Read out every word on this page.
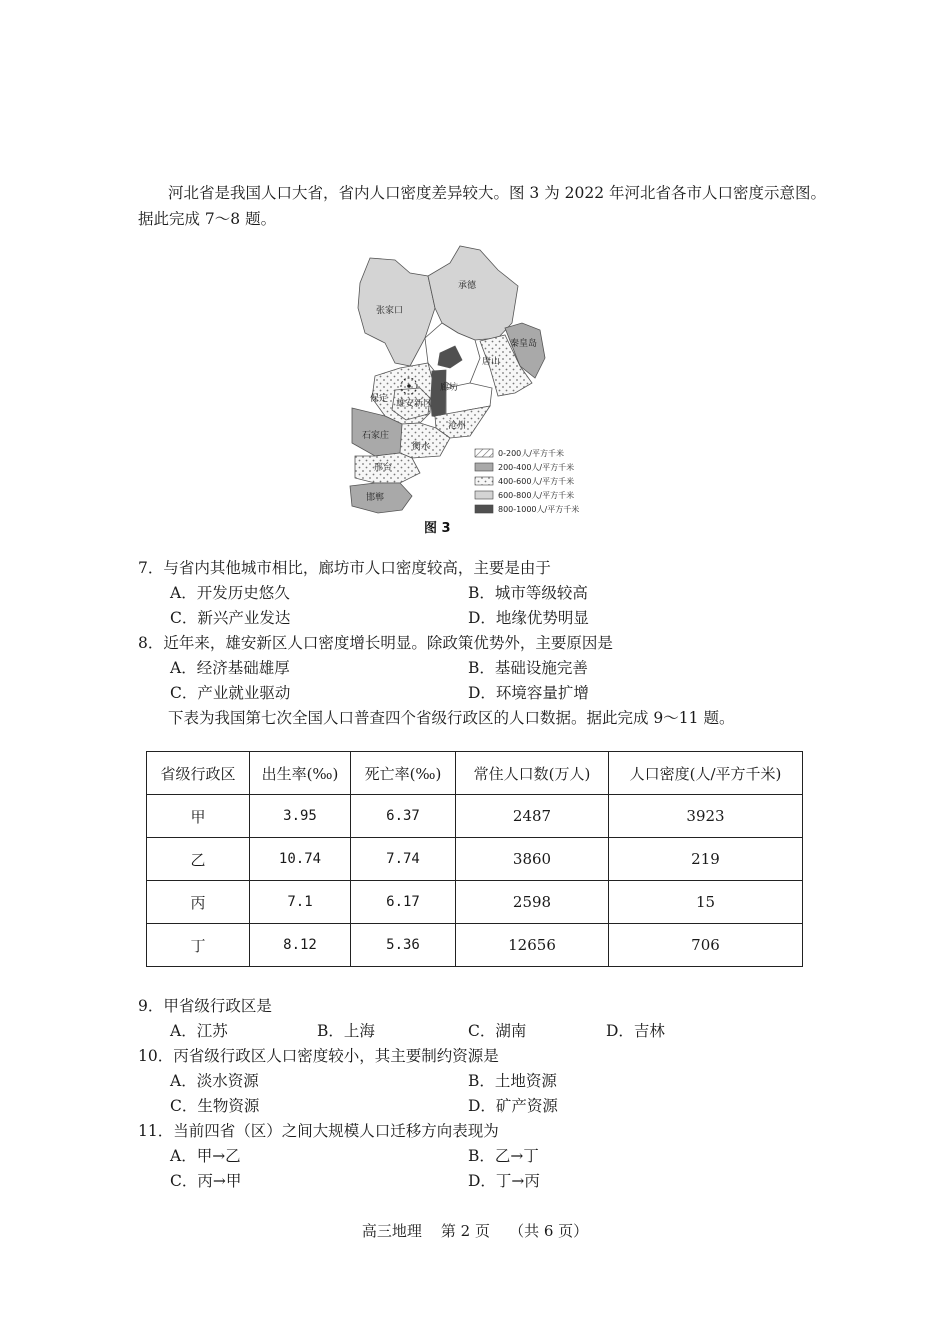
河北省是我国人口大省，省内人口密度差异较大。图 3 为 2022 年河北省各市人口密度示意图。据此完成 7～8 题。
张家口
承德
秦皇岛
唐山
廊坊
保定 雄安新区
沧州
石家庄
衡水
邢台
邯郸
0-200人/平方千米
200-400人/平方千米
400-600人/平方千米
600-800人/平方千米
800-1000人/平方千米
图 3
7．与省内其他城市相比，廊坊市人口密度较高，主要是由于
A．开发历史悠久	B．城市等级较高
C．新兴产业发达	D．地缘优势明显
8．近年来，雄安新区人口密度增长明显。除政策优势外，主要原因是
A．经济基础雄厚	B．基础设施完善
C．产业就业驱动	D．环境容量扩增
下表为我国第七次全国人口普查四个省级行政区的人口数据。据此完成 9～11 题。
省级行政区	出生率(‰)	死亡率(‰)	常住人口数(万人)	人口密度(人/平方千米)
甲	3.95	6.37	2487	3923
乙	10.74	7.74	3860	219
丙	7.1	6.17	2598	15
丁	8.12	5.36	12656	706
9．甲省级行政区是
A．江苏	B．上海	C．湖南	D．吉林
10．丙省级行政区人口密度较小，其主要制约资源是
A．淡水资源	B．土地资源
C．生物资源	D．矿产资源
11．当前四省（区）之间大规模人口迁移方向表现为
A．甲→乙	B．乙→丁
C．丙→甲	D．丁→丙
高三地理    第 2 页    （共 6 页）
